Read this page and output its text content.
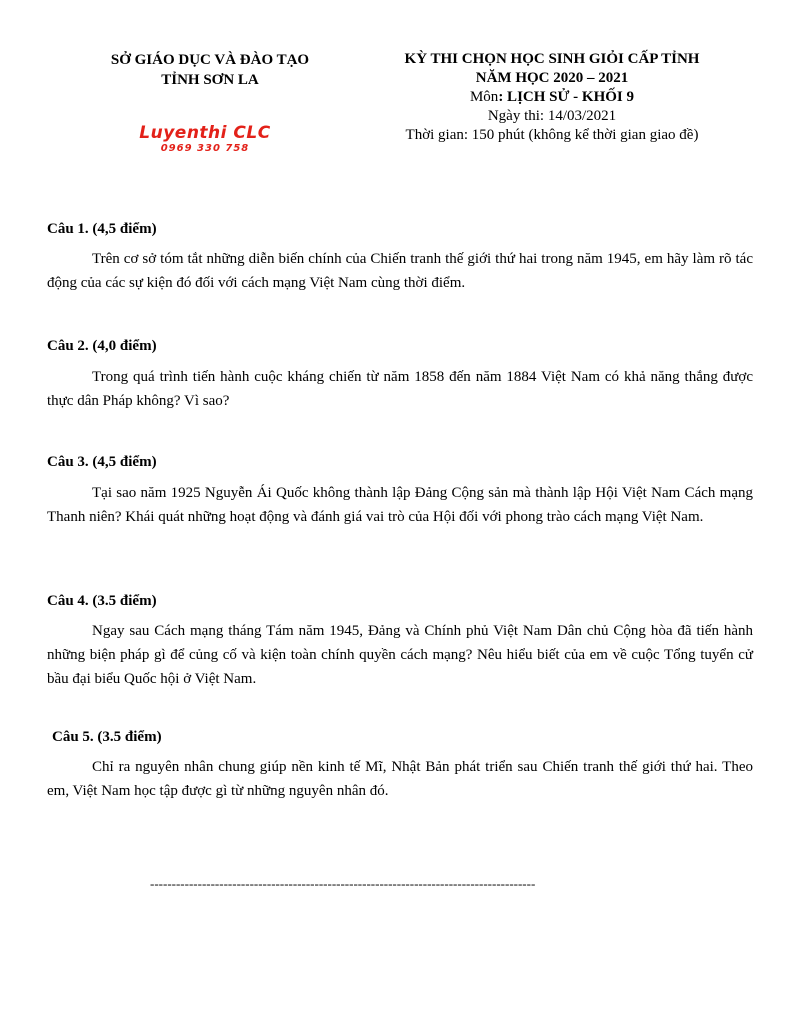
SỞ GIÁO DỤC VÀ ĐÀO TẠO
TỈNH SƠN LA
KỲ THI CHỌN HỌC SINH GIỎI CẤP TỈNH
NĂM HỌC 2020 – 2021
Môn: LỊCH SỬ - KHỐI 9
Ngày thi: 14/03/2021
Thời gian: 150 phút (không kể thời gian giao đề)
Luyenthi CLC
0969 330 758
Câu 1. (4,5 điểm)

Trên cơ sở tóm tắt những diễn biến chính của Chiến tranh thế giới thứ hai trong năm 1945, em hãy làm rõ tác động của các sự kiện đó đối với cách mạng Việt Nam cùng thời điểm.

Câu 2. (4,0 điểm)

Trong quá trình tiến hành cuộc kháng chiến từ năm 1858 đến năm 1884 Việt Nam có khả năng thắng được thực dân Pháp không? Vì sao?

Câu 3. (4,5 điểm)

Tại sao năm 1925 Nguyễn Ái Quốc không thành lập Đảng Cộng sản mà thành lập Hội Việt Nam Cách mạng Thanh niên? Khái quát những hoạt động và đánh giá vai trò của Hội đối với phong trào cách mạng Việt Nam.

Câu 4. (3.5 điểm)

Ngay sau Cách mạng tháng Tám năm 1945, Đảng và Chính phủ Việt Nam Dân chủ Cộng hòa đã tiến hành những biện pháp gì để củng cố và kiện toàn chính quyền cách mạng? Nêu hiểu biết của em về cuộc Tổng tuyển cử bầu đại biểu Quốc hội ở Việt Nam.

Câu 5. (3.5 điểm)

Chỉ ra nguyên nhân chung giúp nền kinh tế Mĩ, Nhật Bản phát triển sau Chiến tranh thế giới thứ hai. Theo em, Việt Nam học tập được gì từ những nguyên nhân đó.

-----------------------------------------------------------------------------------------
